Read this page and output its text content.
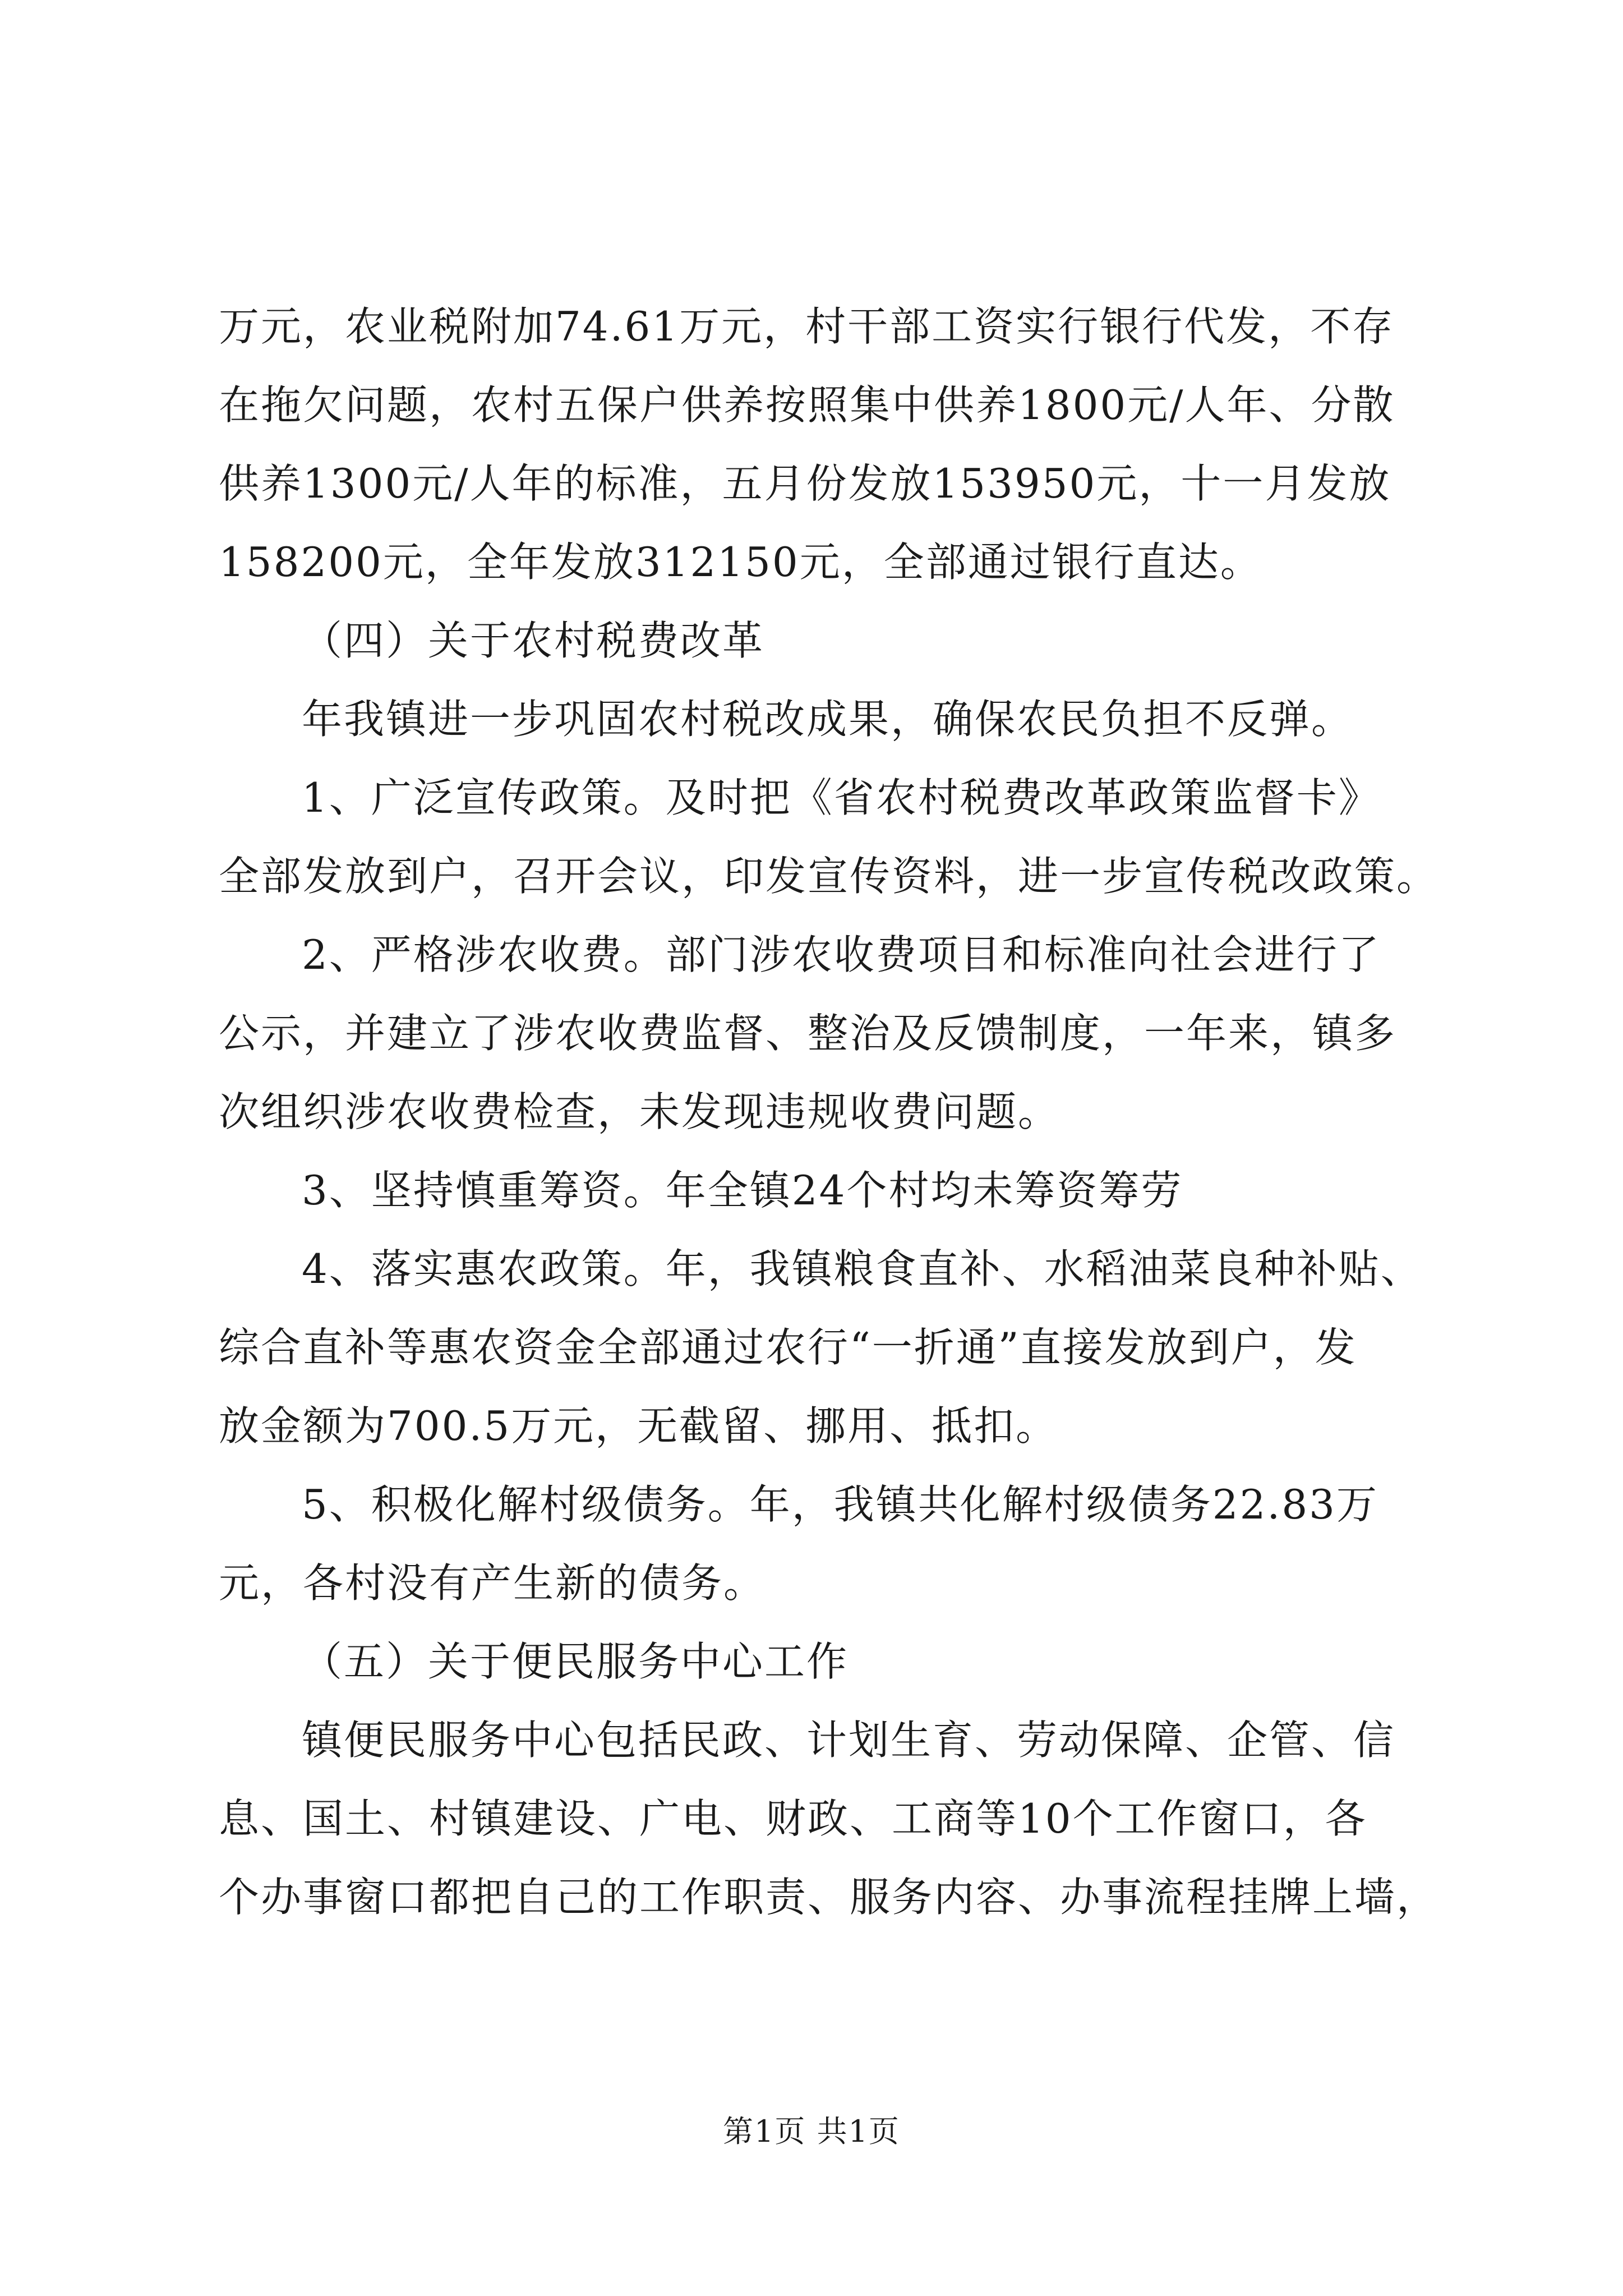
万元，农业税附加74.61万元，村干部工资实行银行代发，不存
在拖欠问题，农村五保户供养按照集中供养1800元/人年、分散
供养1300元/人年的标准，五月份发放153950元，十一月发放
158200元，全年发放312150元，全部通过银行直达。
（四）关于农村税费改革
年我镇进一步巩固农村税改成果，确保农民负担不反弹。
1、广泛宣传政策。及时把《省农村税费改革政策监督卡》
全部发放到户，召开会议，印发宣传资料，进一步宣传税改政策。
2、严格涉农收费。部门涉农收费项目和标准向社会进行了
公示，并建立了涉农收费监督、整治及反馈制度，一年来，镇多
次组织涉农收费检查，未发现违规收费问题。
3、坚持慎重筹资。年全镇24个村均未筹资筹劳
4、落实惠农政策。年，我镇粮食直补、水稻油菜良种补贴、
综合直补等惠农资金全部通过农行“一折通”直接发放到户，发
放金额为700.5万元，无截留、挪用、抵扣。
5、积极化解村级债务。年，我镇共化解村级债务22.83万
元，各村没有产生新的债务。
（五）关于便民服务中心工作
镇便民服务中心包括民政、计划生育、劳动保障、企管、信
息、国土、村镇建设、广电、财政、工商等10个工作窗口，各
个办事窗口都把自己的工作职责、服务内容、办事流程挂牌上墙，
第1页 共1页
